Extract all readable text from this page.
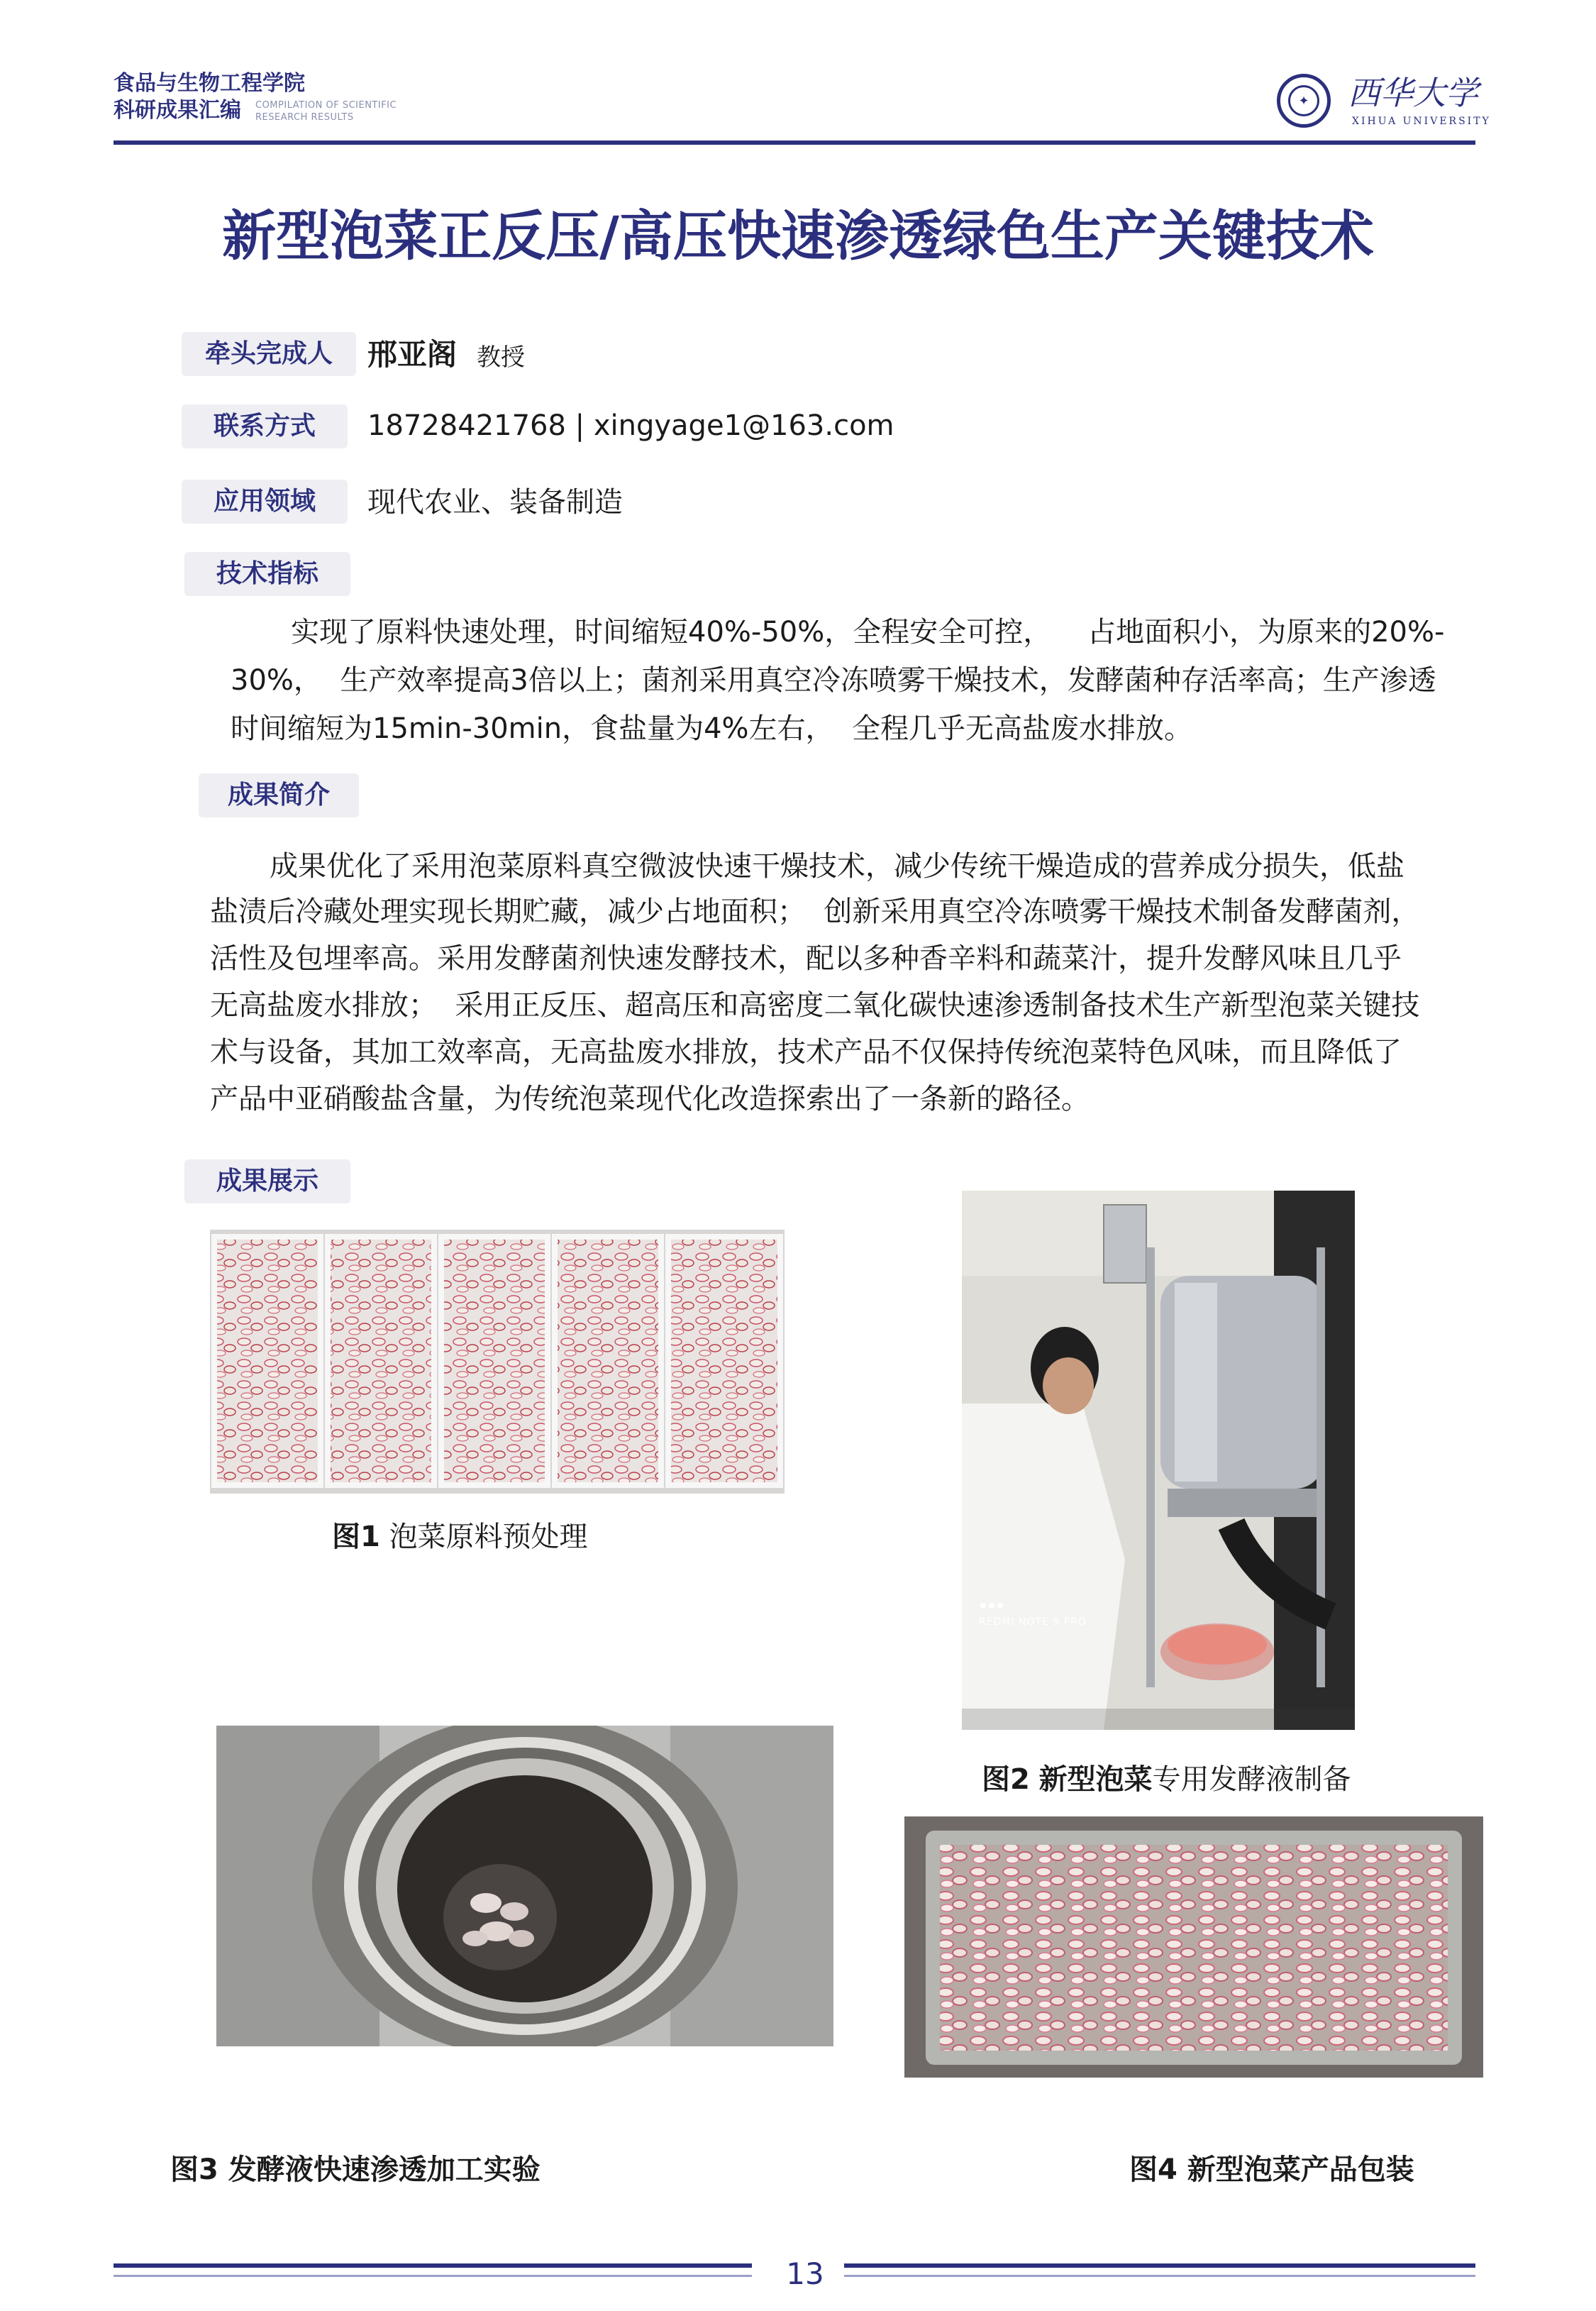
食品与生物工程学院
科研成果汇编 COMPILATION OF SCIENTIFIC
RESEARCH RESULTS
✦	西华大学
XIHUA UNIVERSITY
新型泡菜正反压/高压快速渗透绿色生产关键技术
牵头完成人	邢亚阁 教授
联系方式	18728421768 | xingyage1@163.com
应用领域	现代农业、装备制造
技术指标
实现了原料快速处理，时间缩短40%-50%，全程安全可控，    占地面积小，为原来的20%-
30%，  生产效率提高3倍以上；菌剂采用真空冷冻喷雾干燥技术，发酵菌种存活率高；生产渗透
时间缩短为15min-30min，食盐量为4%左右，  全程几乎无高盐废水排放。
成果简介
成果优化了采用泡菜原料真空微波快速干燥技术，减少传统干燥造成的营养成分损失，低盐
盐渍后冷藏处理实现长期贮藏，减少占地面积；  创新采用真空冷冻喷雾干燥技术制备发酵菌剂，
活性及包埋率高。采用发酵菌剂快速发酵技术，配以多种香辛料和蔬菜汁，提升发酵风味且几乎
无高盐废水排放；  采用正反压、超高压和高密度二氧化碳快速渗透制备技术生产新型泡菜关键技
术与设备，其加工效率高，无高盐废水排放，技术产品不仅保持传统泡菜特色风味，而且降低了
产品中亚硝酸盐含量，为传统泡菜现代化改造探索出了一条新的路径。
成果展示
图1 泡菜原料预处理
REDMI NOTE 9 PRO
图2 新型泡菜专用发酵液制备
图3 发酵液快速渗透加工实验	图4 新型泡菜产品包装
13
